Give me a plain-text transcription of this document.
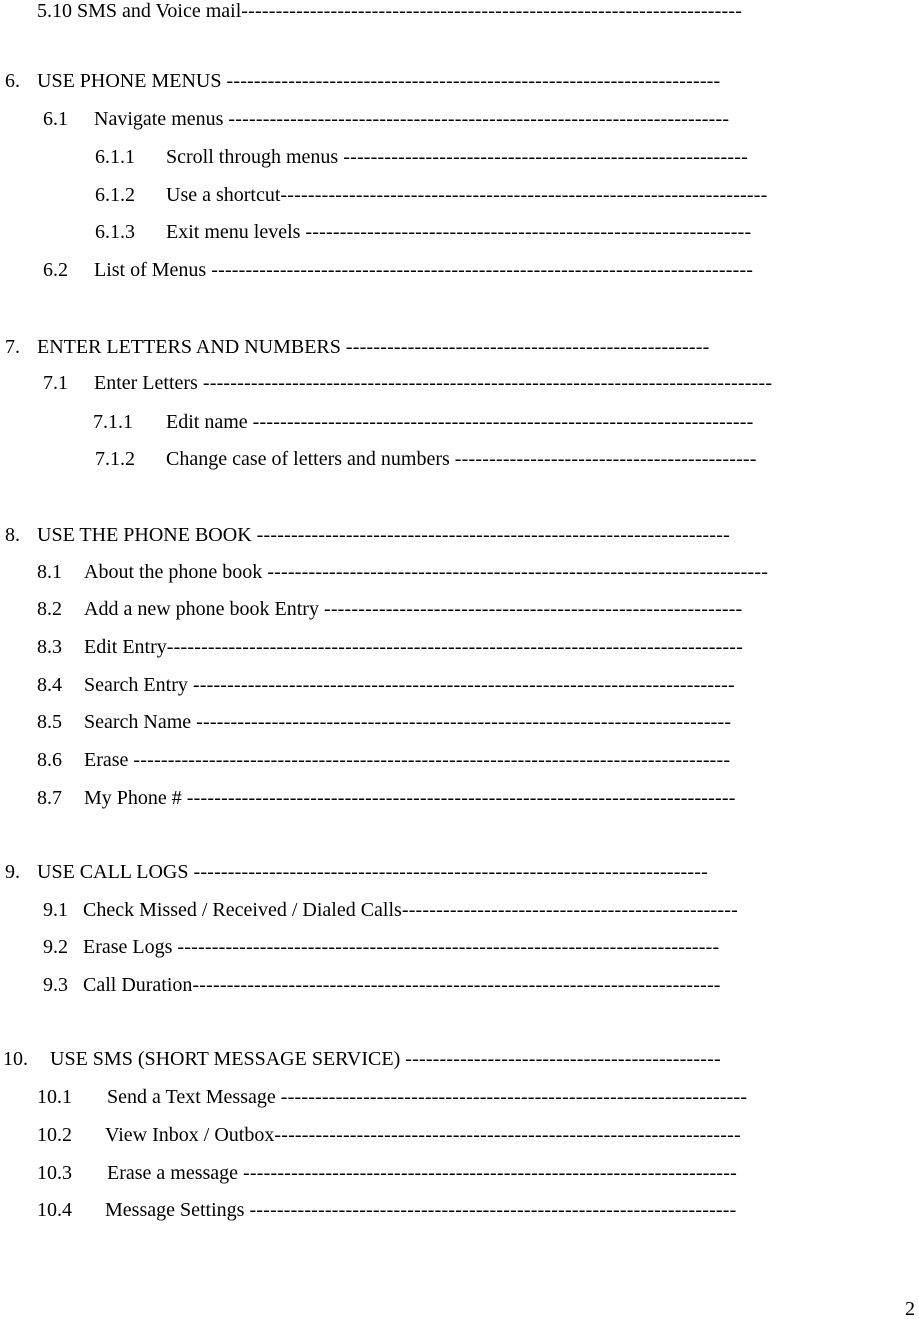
5.10 SMS and Voice mail-------------------------------------------------------------------------
6. USE PHONE MENUS ------------------------------------------------------------------------
6.1 Navigate menus -------------------------------------------------------------------------
6.1.1 Scroll through menus -----------------------------------------------------------
6.1.2 Use a shortcut-----------------------------------------------------------------------
6.1.3 Exit menu levels -----------------------------------------------------------------
6.2 List of Menus -------------------------------------------------------------------------------
7. ENTER LETTERS AND NUMBERS -----------------------------------------------------
7.1 Enter Letters -----------------------------------------------------------------------------------
7.1.1 Edit name -------------------------------------------------------------------------
7.1.2 Change case of letters and numbers --------------------------------------------
8. USE THE PHONE BOOK ---------------------------------------------------------------------
8.1 About the phone book -------------------------------------------------------------------------
8.2 Add a new phone book Entry -------------------------------------------------------------
8.3 Edit Entry------------------------------------------------------------------------------------
8.4 Search Entry -------------------------------------------------------------------------------
8.5 Search Name ------------------------------------------------------------------------------
8.6 Erase ---------------------------------------------------------------------------------------
8.7 My Phone # --------------------------------------------------------------------------------
9. USE CALL LOGS ---------------------------------------------------------------------------
9.1 Check Missed / Received / Dialed Calls-------------------------------------------------
9.2 Erase Logs -------------------------------------------------------------------------------
9.3 Call Duration-----------------------------------------------------------------------------
10. USE SMS (SHORT MESSAGE SERVICE) ----------------------------------------------
10.1 Send a Text Message --------------------------------------------------------------------
10.2 View Inbox / Outbox--------------------------------------------------------------------
10.3 Erase a message ------------------------------------------------------------------------
10.4 Message Settings -----------------------------------------------------------------------
2
